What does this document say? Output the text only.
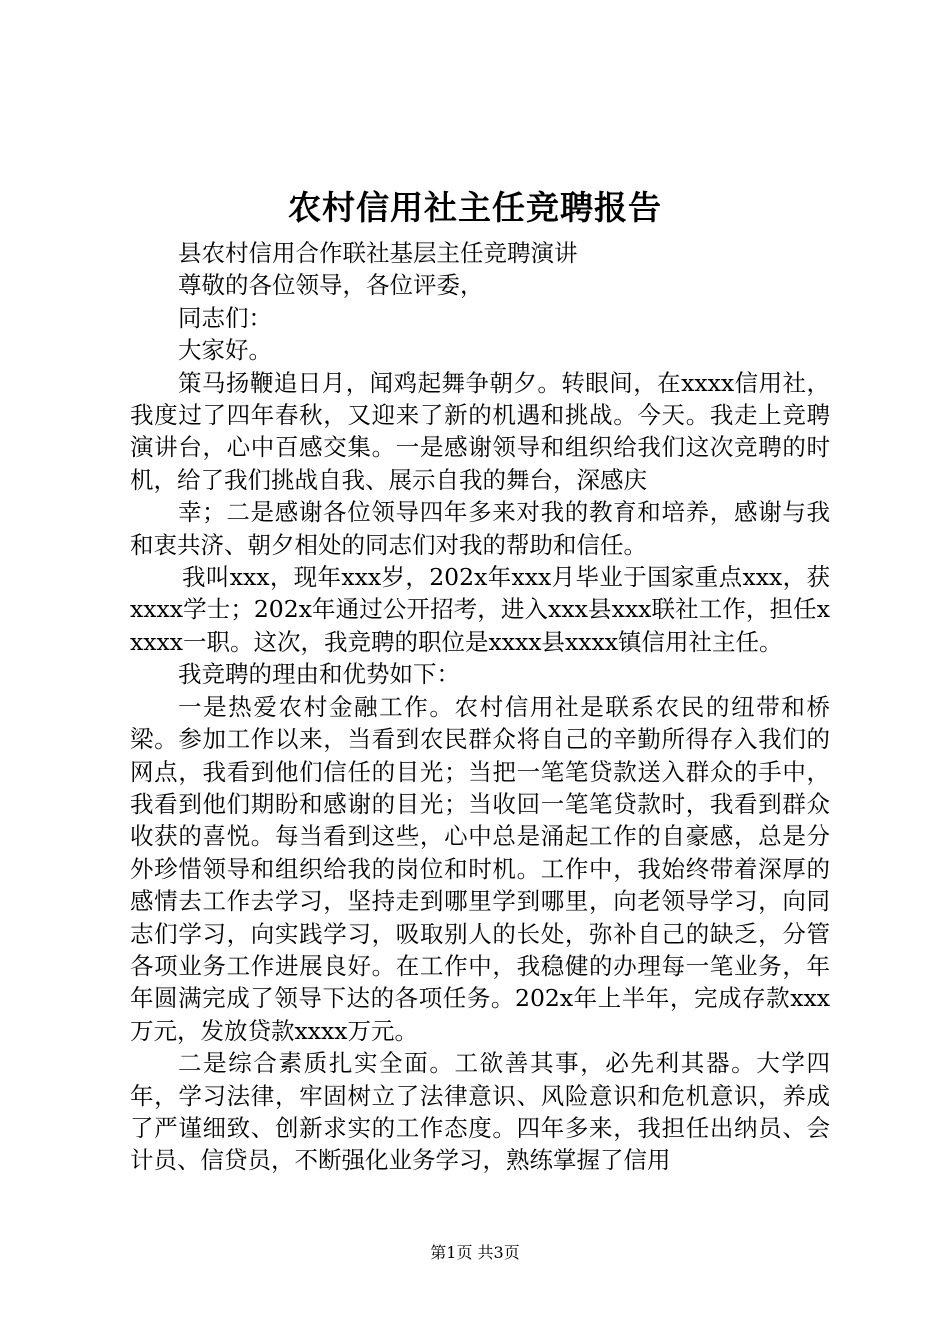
农村信用社主任竞聘报告

县农村信用合作联社基层主任竞聘演讲

尊敬的各位领导，各位评委，

同志们：

大家好。

策马扬鞭追日月，闻鸡起舞争朝夕。转眼间，在xxxx信用社，我度过了四年春秋，又迎来了新的机遇和挑战。今天。我走上竞聘演讲台，心中百感交集。一是感谢领导和组织给我们这次竞聘的时机，给了我们挑战自我、展示自我的舞台，深感庆

幸；二是感谢各位领导四年多来对我的教育和培养，感谢与我和衷共济、朝夕相处的同志们对我的帮助和信任。

我叫xxx，现年xxx岁，202x年xxx月毕业于国家重点xxx，获xxxx学士；202x年通过公开招考，进入xxx县xxx联社工作，担任xxxxx一职。这次，我竞聘的职位是xxxx县xxxx镇信用社主任。

我竞聘的理由和优势如下：

一是热爱农村金融工作。农村信用社是联系农民的纽带和桥梁。参加工作以来，当看到农民群众将自己的辛勤所得存入我们的网点，我看到他们信任的目光；当把一笔笔贷款送入群众的手中，我看到他们期盼和感谢的目光；当收回一笔笔贷款时，我看到群众收获的喜悦。每当看到这些，心中总是涌起工作的自豪感，总是分外珍惜领导和组织给我的岗位和时机。工作中，我始终带着深厚的感情去工作去学习，坚持走到哪里学到哪里，向老领导学习，向同志们学习，向实践学习，吸取别人的长处，弥补自己的缺乏，分管各项业务工作进展良好。在工作中，我稳健的办理每一笔业务，年年圆满完成了领导下达的各项任务。202x年上半年，完成存款xxx万元，发放贷款xxxx万元。

二是综合素质扎实全面。工欲善其事，必先利其器。大学四年，学习法律，牢固树立了法律意识、风险意识和危机意识，养成了严谨细致、创新求实的工作态度。四年多来，我担任出纳员、会计员、信贷员，不断强化业务学习，熟练掌握了信用

第1页 共3页
